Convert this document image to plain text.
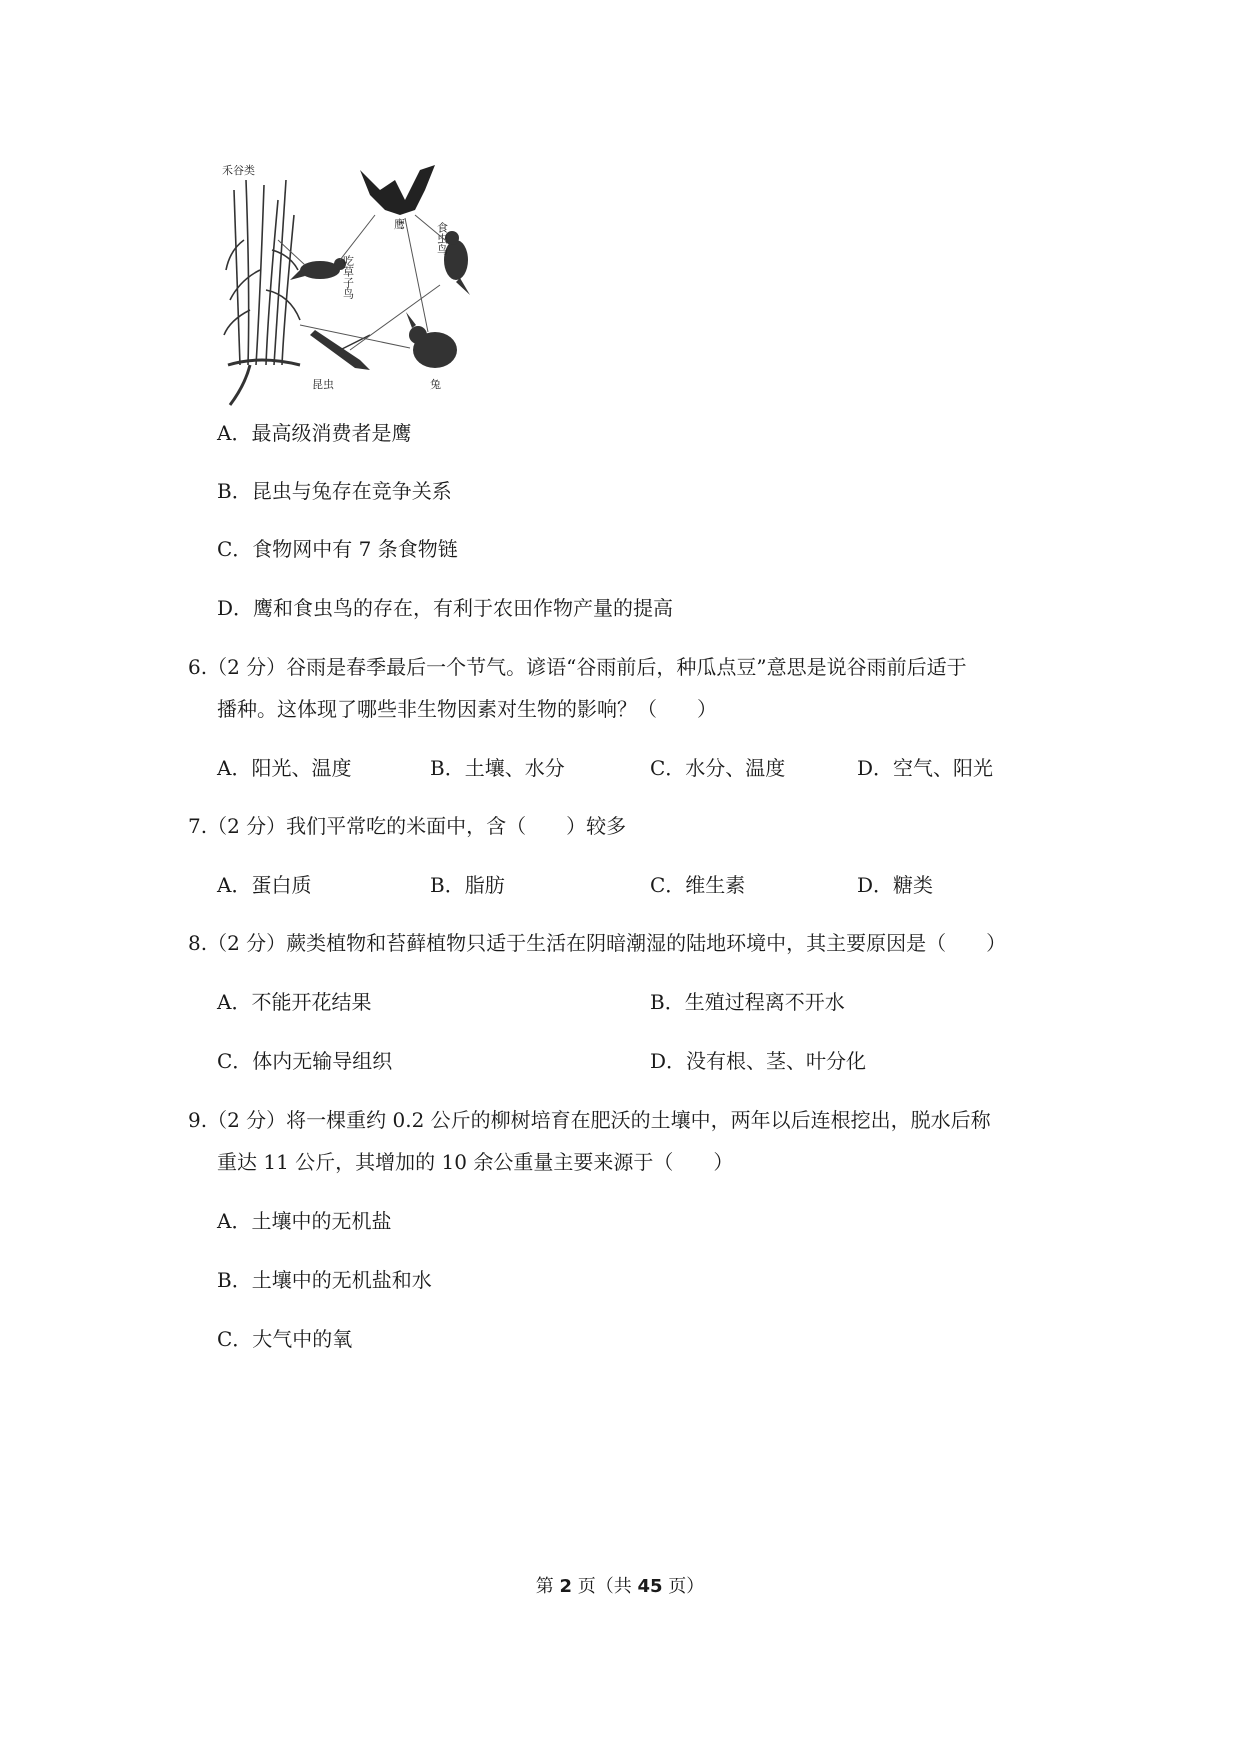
禾谷类
鹰
吃草子鸟
食虫鸟
昆虫	兔
A．最高级消费者是鹰
B．昆虫与兔存在竞争关系
C．食物网中有 7 条食物链
D．鹰和食虫鸟的存在，有利于农田作物产量的提高
6.（2 分）谷雨是春季最后一个节气。谚语“谷雨前后，种瓜点豆”意思是说谷雨前后适于
播种。这体现了哪些非生物因素对生物的影响？（　　）
A．阳光、温度	B．土壤、水分	C．水分、温度	D．空气、阳光
7.（2 分）我们平常吃的米面中，含（　　）较多
A．蛋白质	B．脂肪	C．维生素	D．糖类
8.（2 分）蕨类植物和苔藓植物只适于生活在阴暗潮湿的陆地环境中，其主要原因是（　　）
A．不能开花结果	B．生殖过程离不开水
C．体内无输导组织	D．没有根、茎、叶分化
9.（2 分）将一棵重约 0.2 公斤的柳树培育在肥沃的土壤中，两年以后连根挖出，脱水后称
重达 11 公斤，其增加的 10 余公重量主要来源于（　　）
A．土壤中的无机盐
B．土壤中的无机盐和水
C．大气中的氧
第 2 页（共 45 页）
